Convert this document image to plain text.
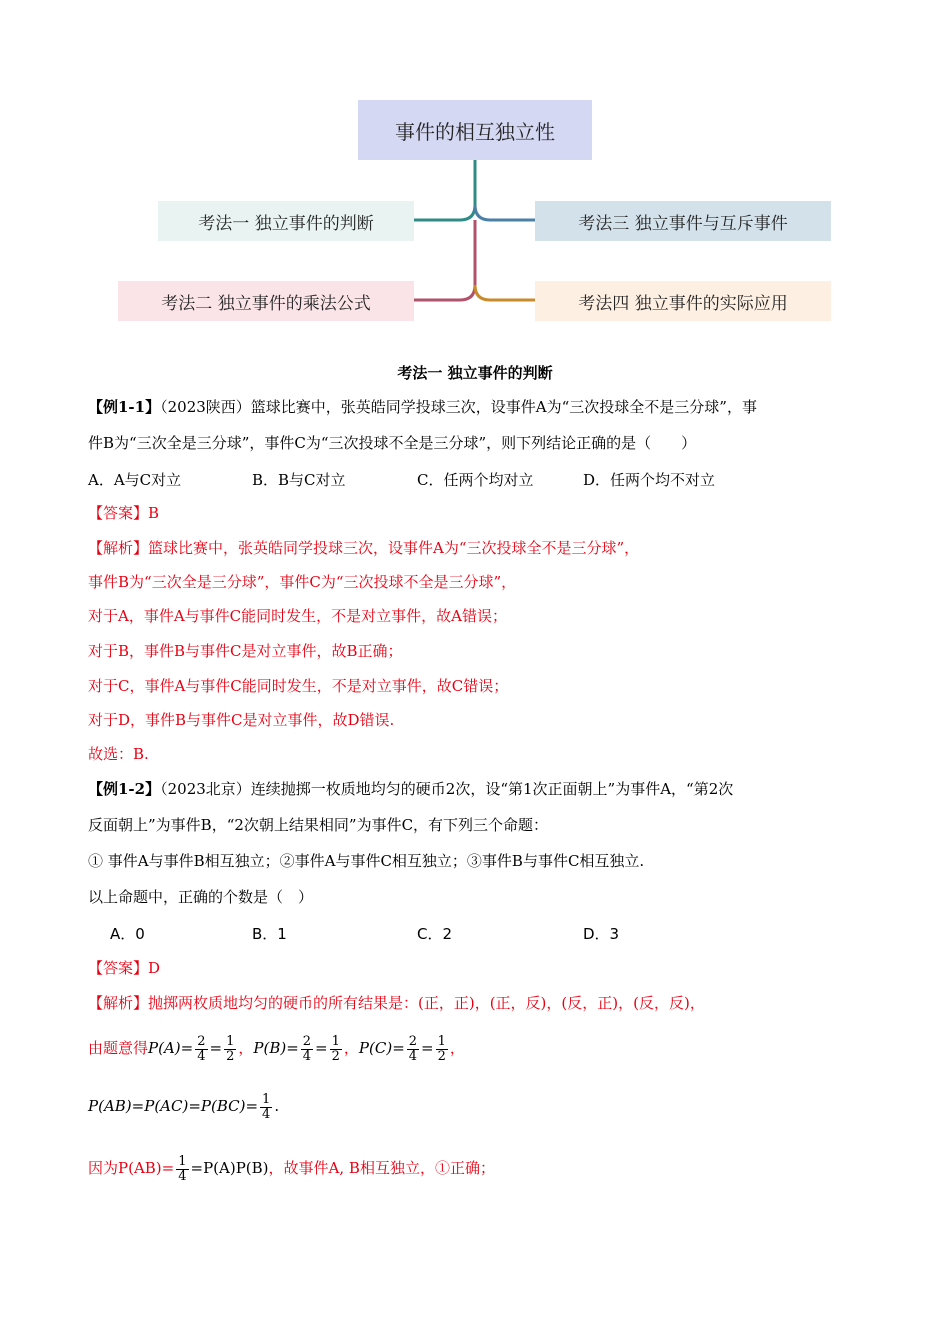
事件的相互独立性
考法一 独立事件的判断	考法三 独立事件与互斥事件
考法二 独立事件的乘法公式	考法四 独立事件的实际应用
考法一 独立事件的判断
【例1-1】（2023陕西）篮球比赛中，张英皓同学投球三次，设事件A为“三次投球全不是三分球”，事
件B为“三次全是三分球”，事件C为“三次投球不全是三分球”，则下列结论正确的是（　　）
A．A与C对立	B．B与C对立	C．任两个均对立	D．任两个均不对立
【答案】B
【解析】篮球比赛中，张英皓同学投球三次，设事件A为“三次投球全不是三分球”，
事件B为“三次全是三分球”，事件C为“三次投球不全是三分球”，
对于A，事件A与事件C能同时发生，不是对立事件，故A错误；
对于B，事件B与事件C是对立事件，故B正确；
对于C，事件A与事件C能同时发生，不是对立事件，故C错误；
对于D，事件B与事件C是对立事件，故D错误.
故选：B.
【例1-2】（2023北京）连续抛掷一枚质地均匀的硬币2次，设“第1次正面朝上”为事件A，“第2次
反面朝上”为事件B，“2次朝上结果相同”为事件C，有下列三个命题：
① 事件A与事件B相互独立；②事件A与事件C相互独立；③事件B与事件C相互独立.
以上命题中，正确的个数是（　）
A．0	B．1	C．2	D．3
【答案】D
【解析】抛掷两枚质地均匀的硬币的所有结果是：(正，正)，(正，反)，(反，正)，(反，反)，
由题意得$P(A)= \frac{2}{4} = \frac{1}{2}$ ，$P(B)= \frac{2}{4} = \frac{1}{2}$ ，$P(C)= \frac{2}{4} = \frac{1}{2}$ ，
$P(AB)=P(AC)=P(BC)= \frac{1}{4}$ .
因为$P(AB)= \frac{1}{4} =P(A)P(B)$，故事件A, B相互独立，①正确；
